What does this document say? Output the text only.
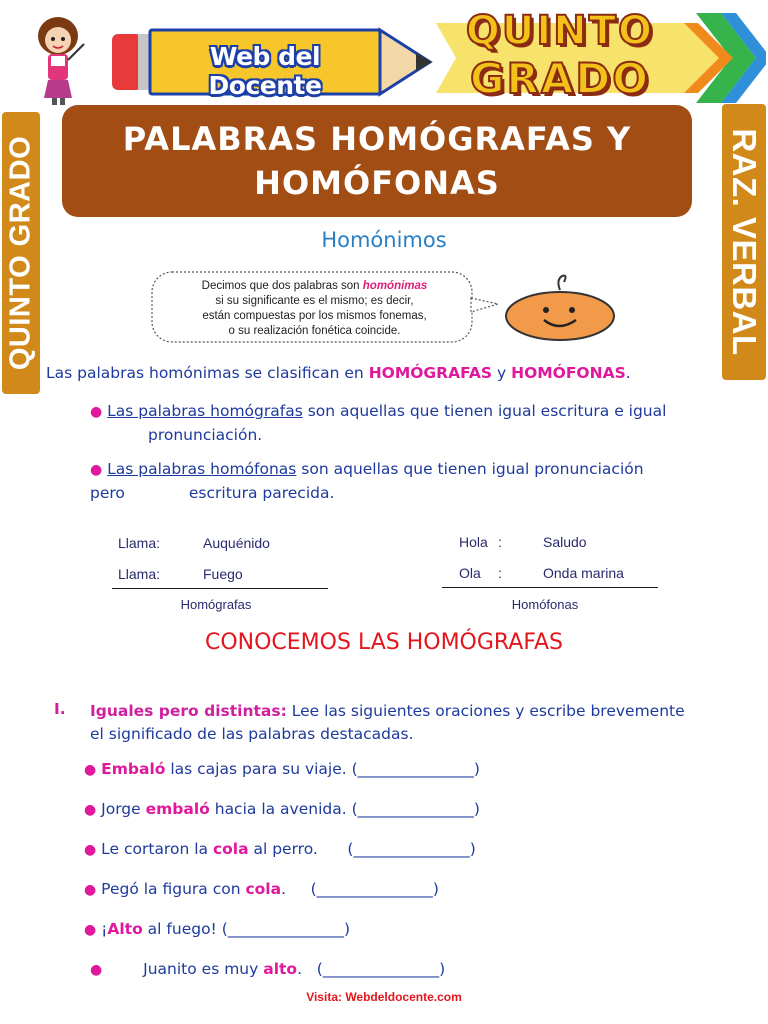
Web del Docente
QUINTO
GRADO
QUINTO GRADO	RAZ. VERBAL
PALABRAS HOMÓGRAFAS Y
HOMÓFONAS
Homónimos
Decimos que dos palabras son homónimas
si su significante es el mismo; es decir,
están compuestas por los mismos fonemas,
o su realización fonética coincide.
Las palabras homónimas se clasifican en HOMÓGRAFAS y HOMÓFONAS.
● Las palabras homógrafas son aquellas que tienen igual escritura e igual
pronunciación.
● Las palabras homófonas son aquellas que tienen igual pronunciación
pero	escritura parecida.
Llama:	Auquénido
Llama:	Fuego
Homógrafas
Hola :	Saludo
Ola :	Onda marina
Homófonas
CONOCEMOS LAS HOMÓGRAFAS
I. Iguales pero distintas: Lee las siguientes oraciones y escribe brevemente
el significado de las palabras destacadas.
● Embaló las cajas para su viaje. (_______________)
● Jorge embaló hacia la avenida. (_______________)
● Le cortaron la cola al perro.      (_______________)
● Pegó la figura con cola.     (_______________)
● ¡Alto al fuego! (_______________)
●	Juanito es muy alto.   (_______________)
Visita: Webdeldocente.com
